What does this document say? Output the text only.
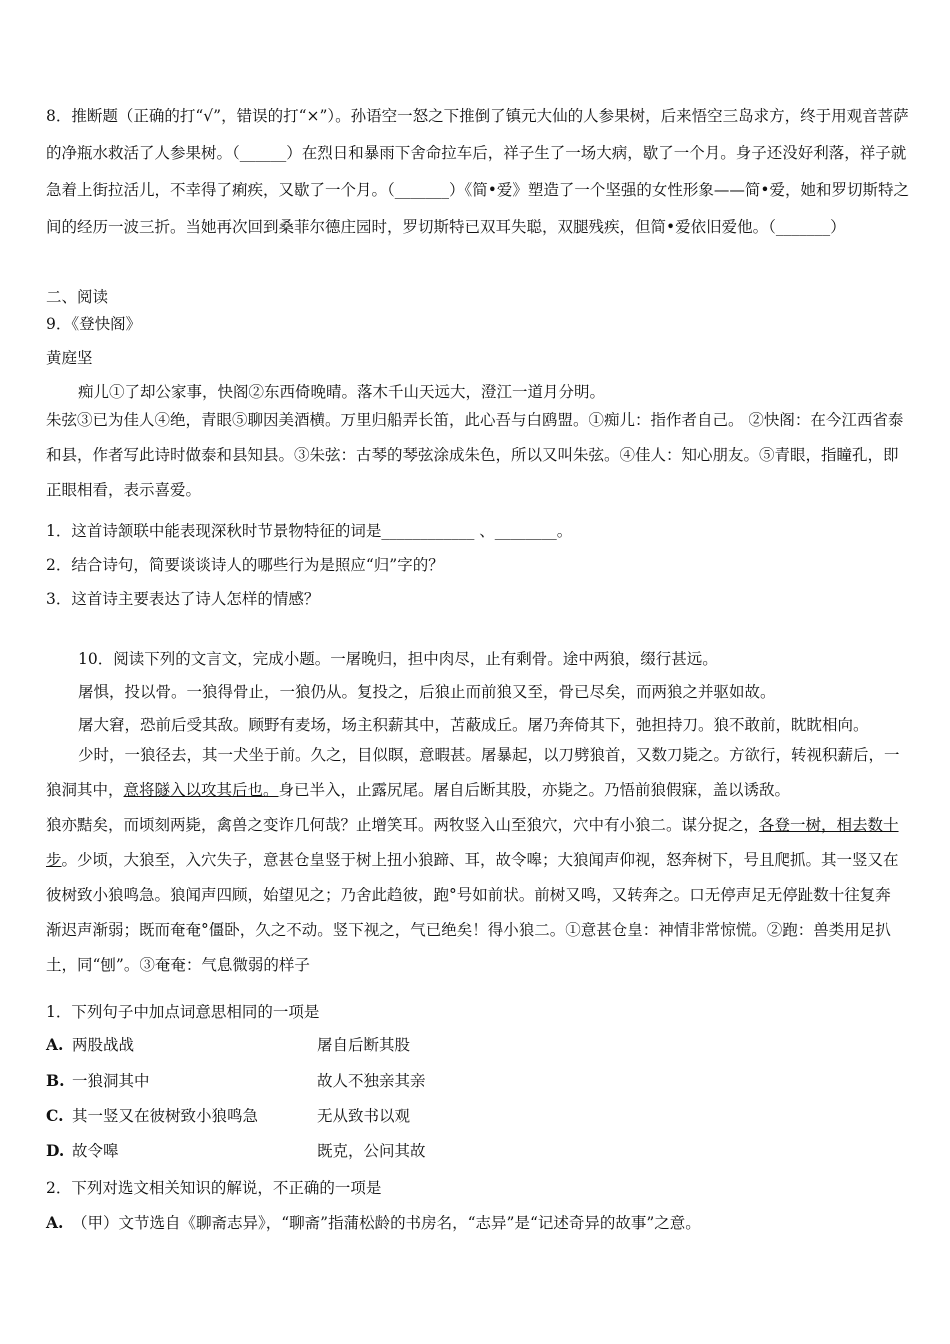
8．推断题（正确的打“√”，错误的打“×”）。孙语空一怒之下推倒了镇元大仙的人参果树，后来悟空三岛求方，终于用观音菩萨的净瓶水救活了人参果树。（______）在烈日和暴雨下舍命拉车后，祥子生了一场大病，歇了一个月。身子还没好利落，祥子就急着上街拉活儿，不幸得了痢疾，又歇了一个月。（_______）《简•爱》塑造了一个坚强的女性形象——简•爱，她和罗切斯特之间的经历一波三折。当她再次回到桑菲尔德庄园时，罗切斯特已双耳失聪，双腿残疾，但简•爱依旧爱他。（_______）
二、阅读
9．《登快阁》
黄庭坚
痴儿①了却公家事，快阁②东西倚晚晴。落木千山天远大，澄江一道月分明。
朱弦③已为佳人④绝，青眼⑤聊因美酒横。万里归船弄长笛，此心吾与白鸥盟。①痴儿：指作者自己。 ②快阁：在今江西省泰和县，作者写此诗时做泰和县知县。③朱弦：古琴的琴弦涂成朱色，所以又叫朱弦。④佳人：知心朋友。⑤青眼，指瞳孔，即正眼相看，表示喜爱。
1．这首诗颔联中能表现深秋时节景物特征的词是____________ 、________。
2．结合诗句，简要谈谈诗人的哪些行为是照应“归”字的？
3．这首诗主要表达了诗人怎样的情感？
10．阅读下列的文言文，完成小题。一屠晚归，担中肉尽，止有剩骨。途中两狼，缀行甚远。
屠惧，投以骨。一狼得骨止，一狼仍从。复投之，后狼止而前狼又至，骨已尽矣，而两狼之并驱如故。
屠大窘，恐前后受其敌。顾野有麦场，场主积薪其中，苫蔽成丘。屠乃奔倚其下，弛担持刀。狼不敢前，眈眈相向。
少时，一狼径去，其一犬坐于前。久之，目似瞑，意暇甚。屠暴起，以刀劈狼首，又数刀毙之。方欲行，转视积薪后，一狼洞其中，意将隧入以攻其后也。身已半入，止露尻尾。屠自后断其股，亦毙之。乃悟前狼假寐，盖以诱敌。
狼亦黠矣，而顷刻两毙，禽兽之变诈几何哉？止增笑耳。两牧竖入山至狼穴，穴中有小狼二。谋分捉之，各登一树，相去数十步。少顷，大狼至，入穴失子，意甚仓皇竖于树上扭小狼蹄、耳，故令嗥；大狼闻声仰视，怒奔树下，号且爬抓。其一竖又在彼树致小狼鸣急。狼闻声四顾，始望见之；乃舍此趋彼，跑°号如前状。前树又鸣，又转奔之。口无停声足无停趾数十往复奔渐迟声渐弱；既而奄奄°僵卧，久之不动。竖下视之，气已绝矣！得小狼二。①意甚仓皇：神情非常惊慌。②跑：兽类用足扒土，同“刨”。③奄奄：气息微弱的样子
1．下列句子中加点词意思相同的一项是
A. 两股战战	屠自后断其股
B. 一狼洞其中	故人不独亲其亲
C. 其一竖又在彼树致小狼鸣急	无从致书以观
D. 故令嗥	既克，公问其故
2．下列对选文相关知识的解说，不正确的一项是
A. （甲）文节选自《聊斋志异》，“聊斋”指蒲松龄的书房名，“志异”是“记述奇异的故事”之意。
